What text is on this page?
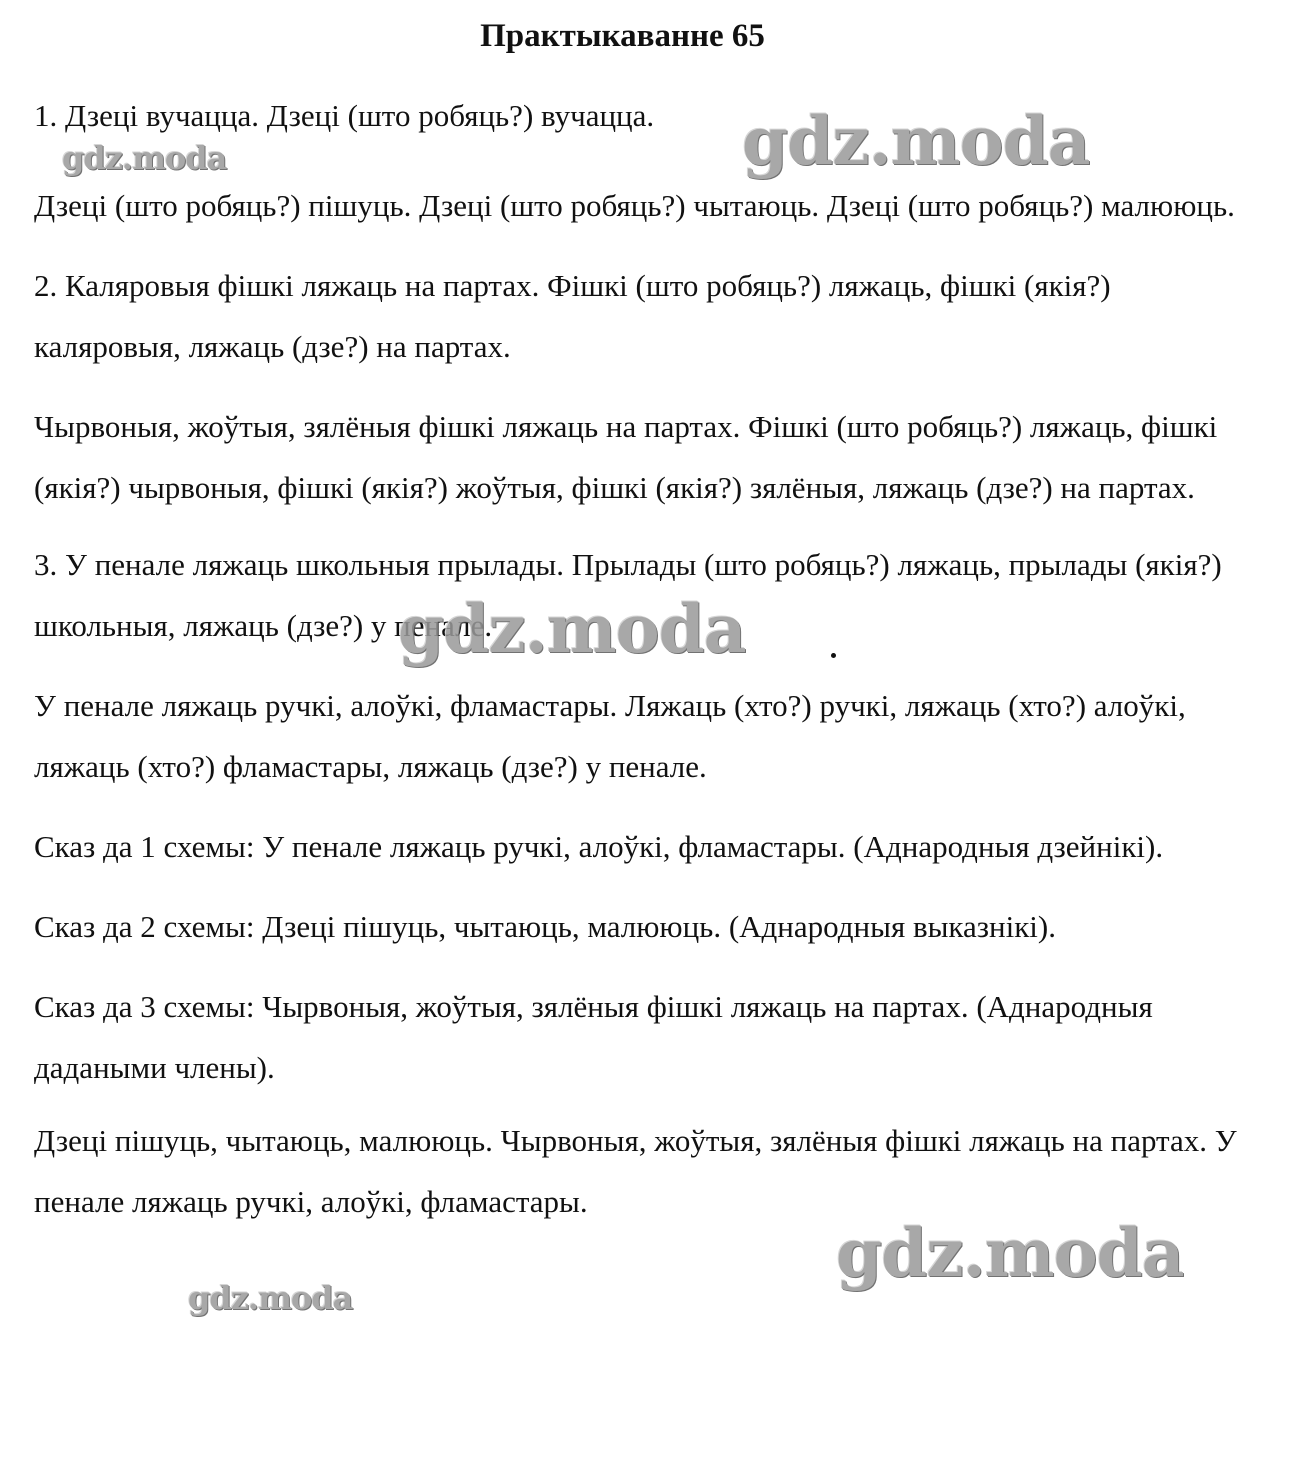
Практыкаванне 65

1. Дзеці вучацца. Дзеці (што робяць?) вучацца.

Дзеці (што робяць?) пішуць. Дзеці (што робяць?) чытаюць. Дзеці (што робяць?) малююць.

2. Каляровыя фішкі ляжаць на партах. Фішкі (што робяць?) ляжаць, фішкі (якія?) каляровыя, ляжаць (дзе?) на партах.

Чырвоныя, жоўтыя, зялёныя фішкі ляжаць на партах. Фішкі (што робяць?) ляжаць, фішкі (якія?) чырвоныя, фішкі (якія?) жоўтыя, фішкі (якія?) зялёныя, ляжаць (дзе?) на партах.

3. У пенале ляжаць школьныя прылады. Прылады (што робяць?) ляжаць, прылады (якія?) школьныя, ляжаць (дзе?) у пенале.

У пенале ляжаць ручкі, алоўкі, фламастары. Ляжаць (хто?) ручкі, ляжаць (хто?) алоўкі, ляжаць (хто?) фламастары, ляжаць (дзе?) у пенале.

Сказ да 1 схемы: У пенале ляжаць ручкі, алоўкі, фламастары. (Аднародныя дзейнікі).

Сказ да 2 схемы: Дзеці пішуць, чытаюць, малююць. (Аднародныя выказнікі).

Сказ да 3 схемы: Чырвоныя, жоўтыя, зялёныя фішкі ляжаць на партах. (Аднародныя дадаными члены).

Дзеці пішуць, чытаюць, малююць. Чырвоныя, жоўтыя, зялёныя фішкі ляжаць на партах. У пенале ляжаць ручкі, алоўкі, фламастары.

gdz.moda
gdz.moda
gdz.moda
gdz.moda
gdz.moda
